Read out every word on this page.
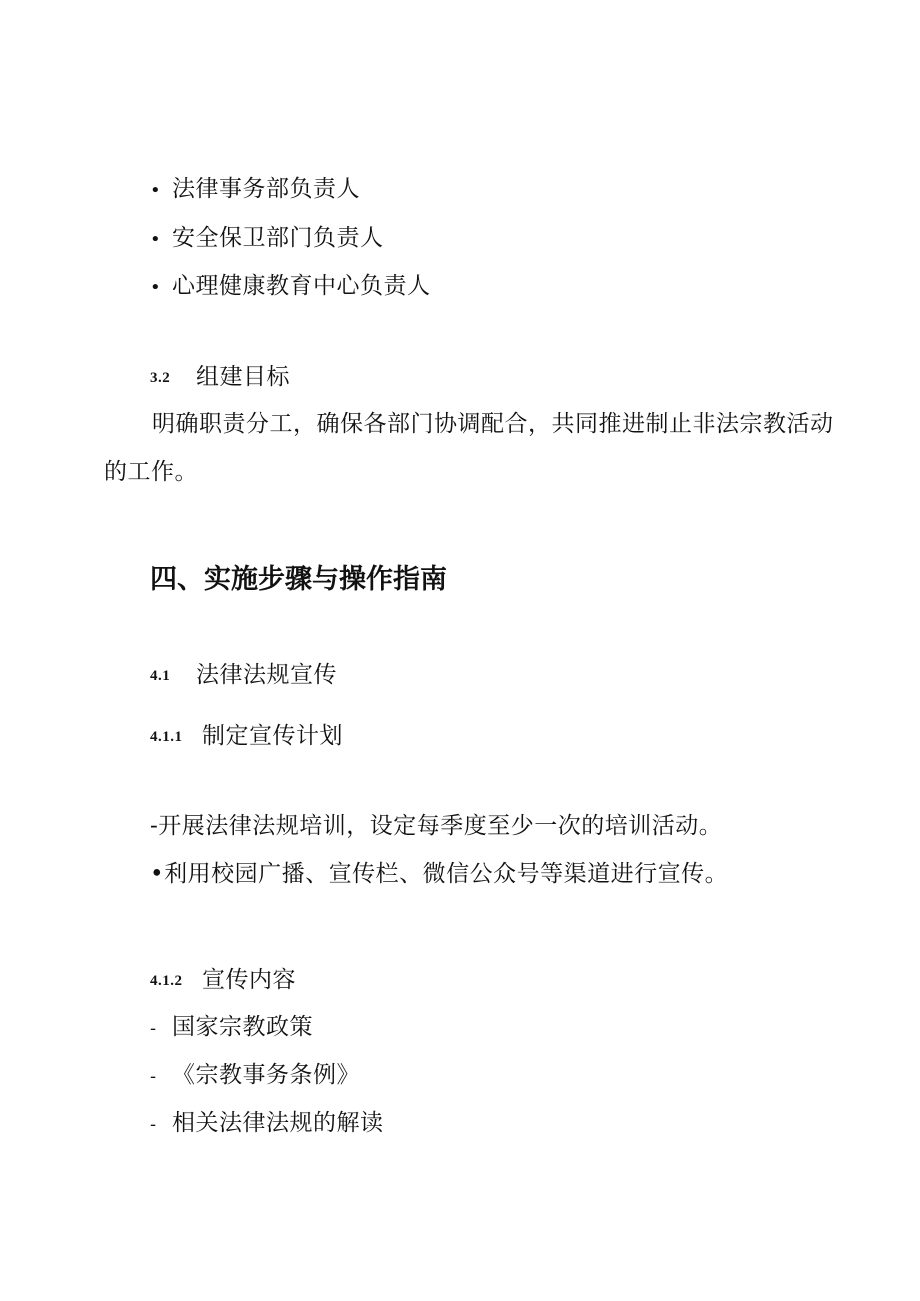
• 法律事务部负责人
• 安全保卫部门负责人
• 心理健康教育中心负责人
3.2 组建目标
明确职责分工，确保各部门协调配合，共同推进制止非法宗教活动的工作。
四、实施步骤与操作指南
4.1 法律法规宣传
4.1.1 制定宣传计划
-开展法律法规培训，设定每季度至少一次的培训活动。
•利用校园广播、宣传栏、微信公众号等渠道进行宣传。
4.1.2 宣传内容
- 国家宗教政策
- 《宗教事务条例》
- 相关法律法规的解读
